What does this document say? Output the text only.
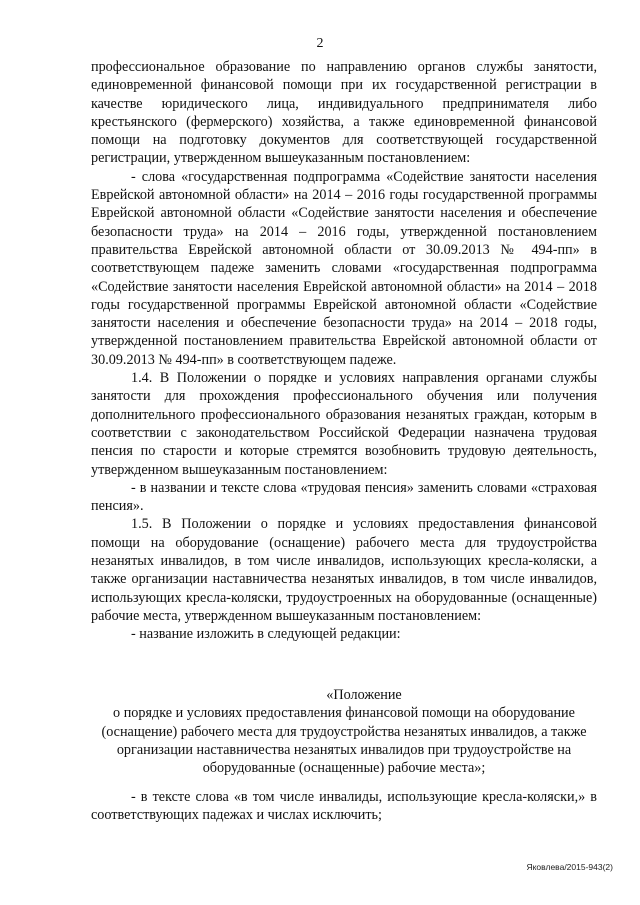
2

профессиональное образование по направлению органов службы занятости, единовременной финансовой помощи при их государственной регистрации в качестве юридического лица, индивидуального предпринимателя либо крестьянского (фермерского) хозяйства, а также единовременной финансовой помощи на подготовку документов для соответствующей государственной регистрации, утвержденном вышеуказанным постановлением:

- слова «государственная подпрограмма «Содействие занятости населения Еврейской автономной области» на 2014 – 2016 годы государственной программы Еврейской автономной области «Содействие занятости населения и обеспечение безопасности труда» на 2014 – 2016 годы, утвержденной постановлением правительства Еврейской автономной области от 30.09.2013 № 494-пп» в соответствующем падеже заменить словами «государственная подпрограмма «Содействие занятости населения Еврейской автономной области» на 2014 – 2018 годы государственной программы Еврейской автономной области «Содействие занятости населения и обеспечение безопасности труда» на 2014 – 2018 годы, утвержденной постановлением правительства Еврейской автономной области от 30.09.2013 № 494-пп» в соответствующем падеже.

1.4. В Положении о порядке и условиях направления органами службы занятости для прохождения профессионального обучения или получения дополнительного профессионального образования незанятых граждан, которым в соответствии с законодательством Российской Федерации назначена трудовая пенсия по старости и которые стремятся возобновить трудовую деятельность, утвержденном вышеуказанным постановлением:

- в названии и тексте слова «трудовая пенсия» заменить словами «страховая пенсия».

1.5. В Положении о порядке и условиях предоставления финансовой помощи на оборудование (оснащение) рабочего места для трудоустройства незанятых инвалидов, в том числе инвалидов, использующих кресла-коляски, а также организации наставничества незанятых инвалидов, в том числе инвалидов, использующих кресла-коляски, трудоустроенных на оборудованные (оснащенные) рабочие места, утвержденном вышеуказанным постановлением:

- название изложить в следующей редакции:

«Положение

о порядке и условиях предоставления финансовой помощи на оборудование (оснащение) рабочего места для трудоустройства незанятых инвалидов, а также организации наставничества незанятых инвалидов при трудоустройстве на оборудованные (оснащенные) рабочие места»;

- в тексте слова «в том числе инвалиды, использующие кресла-коляски,» в соответствующих падежах и числах исключить;

Яковлева/2015-943(2)
